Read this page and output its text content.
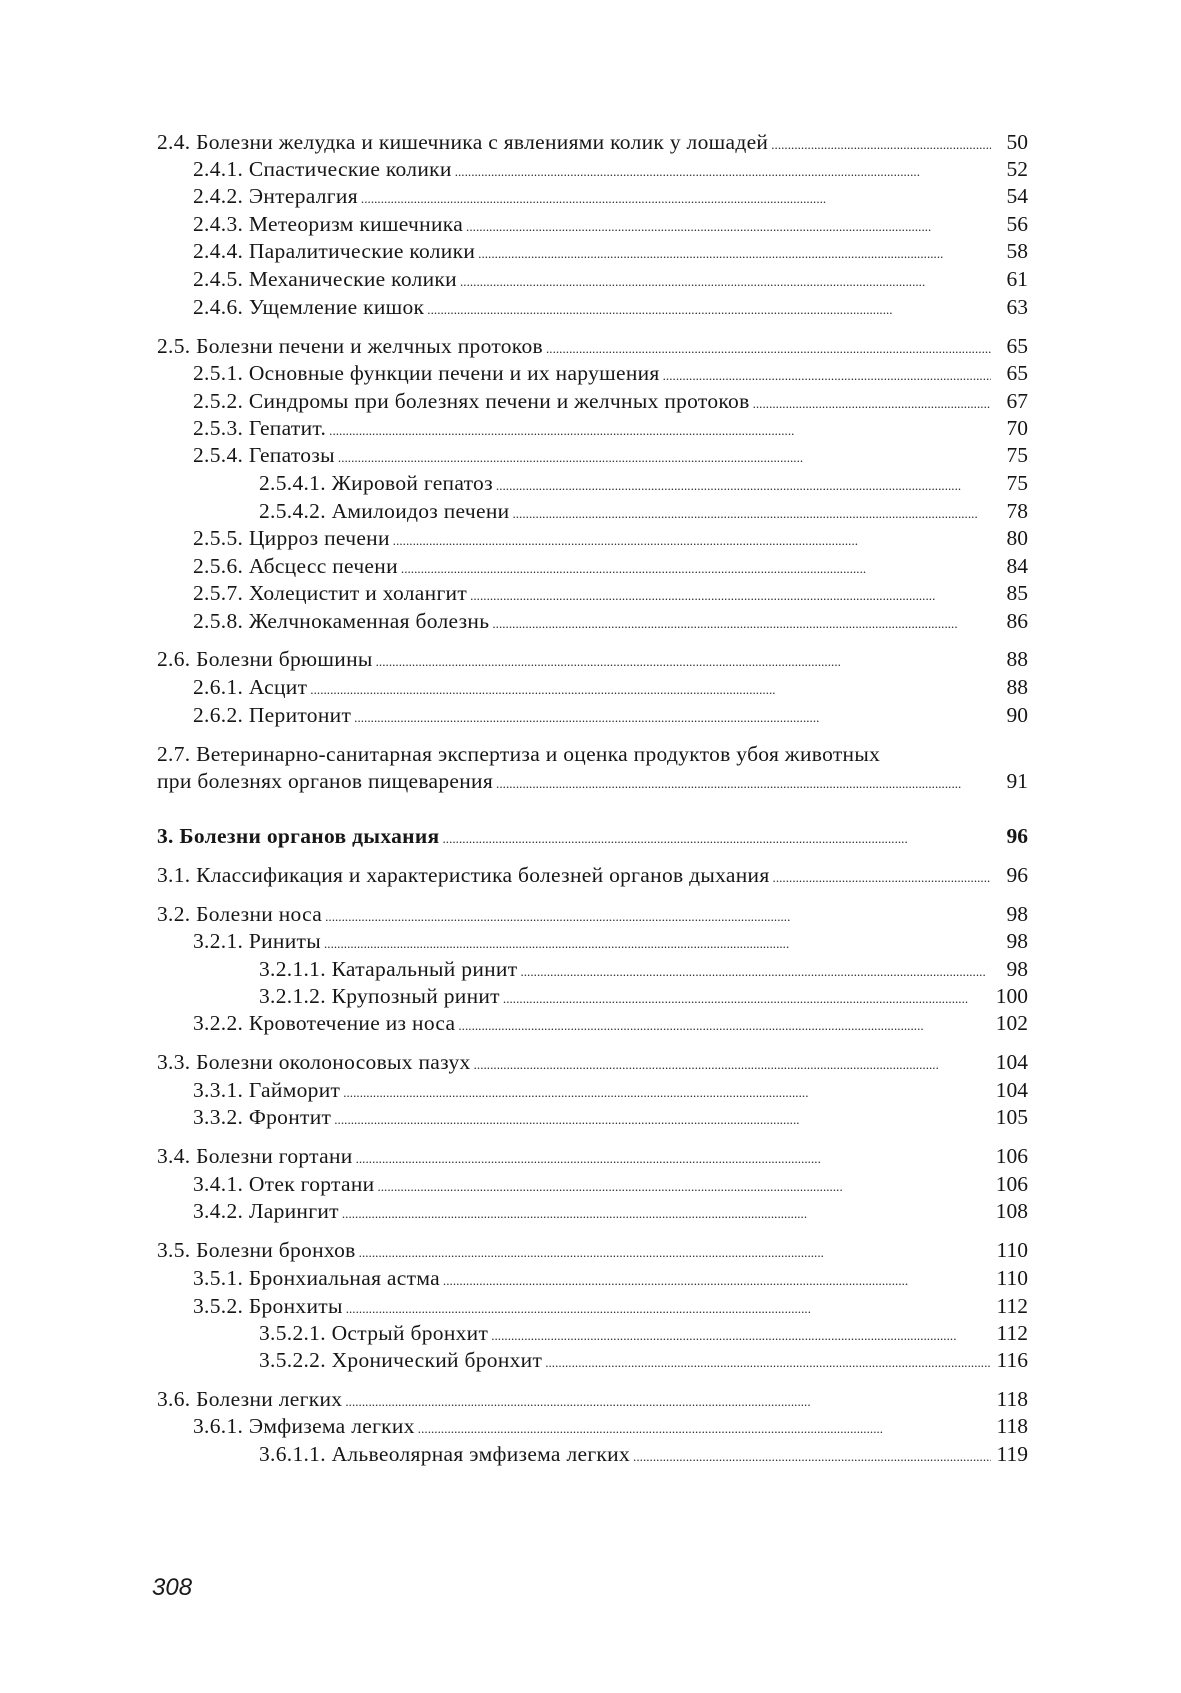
2.4. Болезни желудка и кишечника с явлениями колик у лошадей . . .	50
2.4.1. Спастические колики . . .	52
2.4.2. Энтералгия . . .	54
2.4.3. Метеоризм кишечника . . .	56
2.4.4. Паралитические колики . . .	58
2.4.5. Механические колики . . .	61
2.4.6. Ущемление кишок . . .	63
2.5. Болезни печени и желчных протоков . . .	65
2.5.1. Основные функции печени и их нарушения . . .	65
2.5.2. Синдромы при болезнях печени и желчных протоков . . .	67
2.5.3. Гепатит. . . .	70
2.5.4. Гепатозы . . .	75
2.5.4.1. Жировой гепатоз . . .	75
2.5.4.2. Амилоидоз печени . . .	78
2.5.5. Цирроз печени . . .	80
2.5.6. Абсцесс печени . . .	84
2.5.7. Холецистит и холангит . . .	85
2.5.8. Желчнокаменная болезнь . . .	86
2.6. Болезни брюшины . . .	88
2.6.1. Асцит . . .	88
2.6.2. Перитонит . . .	90
2.7. Ветеринарно-санитарная экспертиза и оценка продуктов убоя животных
при болезнях органов пищеварения . . .	91
3. Болезни органов дыхания . . .	96
3.1. Классификация и характеристика болезней органов дыхания . . .	96
3.2. Болезни носа . . .	98
3.2.1. Риниты . . .	98
3.2.1.1. Катаральный ринит . . .	98
3.2.1.2. Крупозный ринит . . .	100
3.2.2. Кровотечение из носа . . .	102
3.3. Болезни околоносовых пазух . . .	104
3.3.1. Гайморит . . .	104
3.3.2. Фронтит . . .	105
3.4. Болезни гортани . . .	106
3.4.1. Отек гортани . . .	106
3.4.2. Ларингит . . .	108
3.5. Болезни бронхов . . .	110
3.5.1. Бронхиальная астма . . .	110
3.5.2. Бронхиты . . .	112
3.5.2.1. Острый бронхит . . .	112
3.5.2.2. Хронический бронхит . . .	116
3.6. Болезни легких . . .	118
3.6.1. Эмфизема легких . . .	118
3.6.1.1. Альвеолярная эмфизема легких . . .	119
308
